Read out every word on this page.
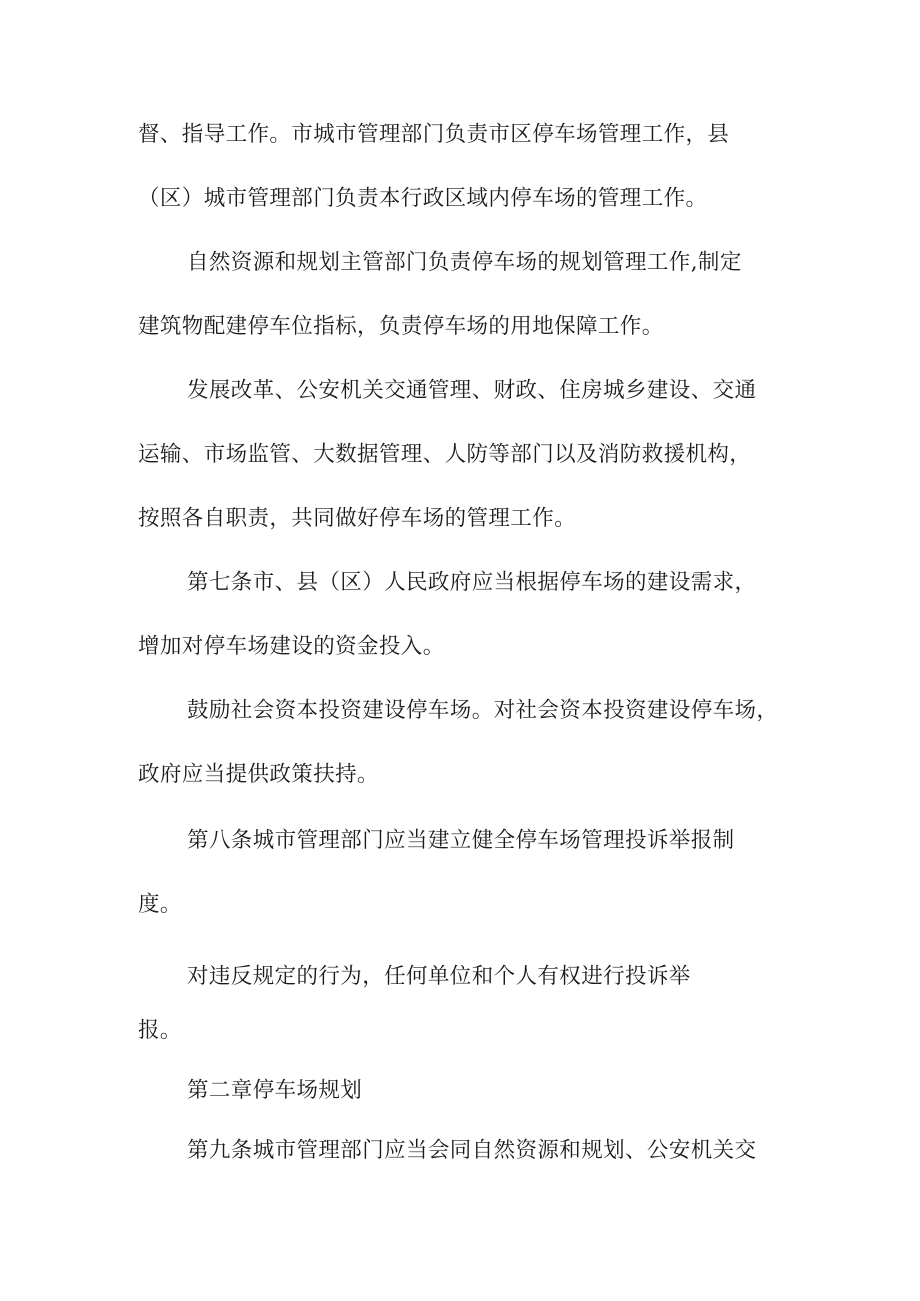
督、指导工作。市城市管理部门负责市区停车场管理工作，县
（区）城市管理部门负责本行政区域内停车场的管理工作。
自然资源和规划主管部门负责停车场的规划管理工作,制定
建筑物配建停车位指标，负责停车场的用地保障工作。
发展改革、公安机关交通管理、财政、住房城乡建设、交通
运输、市场监管、大数据管理、人防等部门以及消防救援机构，
按照各自职责，共同做好停车场的管理工作。
第七条市、县（区）人民政府应当根据停车场的建设需求，
增加对停车场建设的资金投入。
鼓励社会资本投资建设停车场。对社会资本投资建设停车场，
政府应当提供政策扶持。
第八条城市管理部门应当建立健全停车场管理投诉举报制
度。
对违反规定的行为，任何单位和个人有权进行投诉举
报。
第二章停车场规划
第九条城市管理部门应当会同自然资源和规划、公安机关交
